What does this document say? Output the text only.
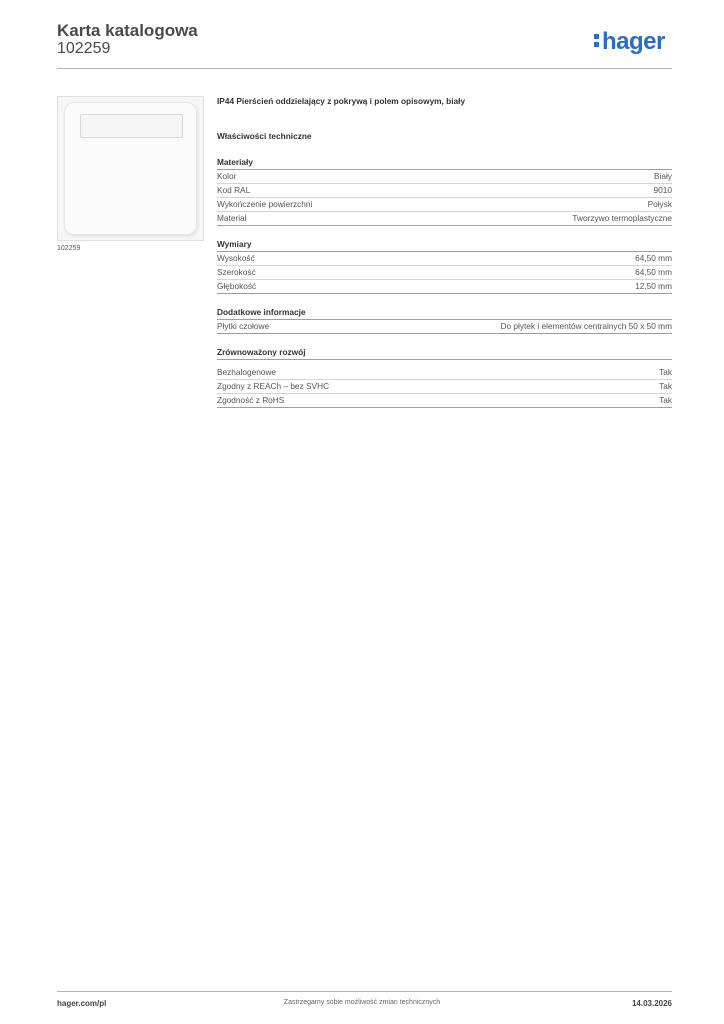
Karta katalogowa
102259	hager
102259
IP44 Pierścień oddzielający z pokrywą i polem opisowym, biały
Właściwości techniczne
Materiały
Kolor	Biały
Kod RAL	9010
Wykończenie powierzchni	Połysk
Materiał	Tworzywo termoplastyczne
Wymiary
Wysokość	64,50 mm
Szerokość	64,50 mm
Głębokość	12,50 mm
Dodatkowe informacje
Płytki czołowe	Do płytek i elementów centralnych 50 x 50 mm
Zrównoważony rozwój
Bezhalogenowe	Tak
Zgodny z REACh – bez SVHC	Tak
Zgodność z RoHS	Tak
hager.com/pl	Zastrzegamy sobie możliwość zmian technicznych	14.03.2026
